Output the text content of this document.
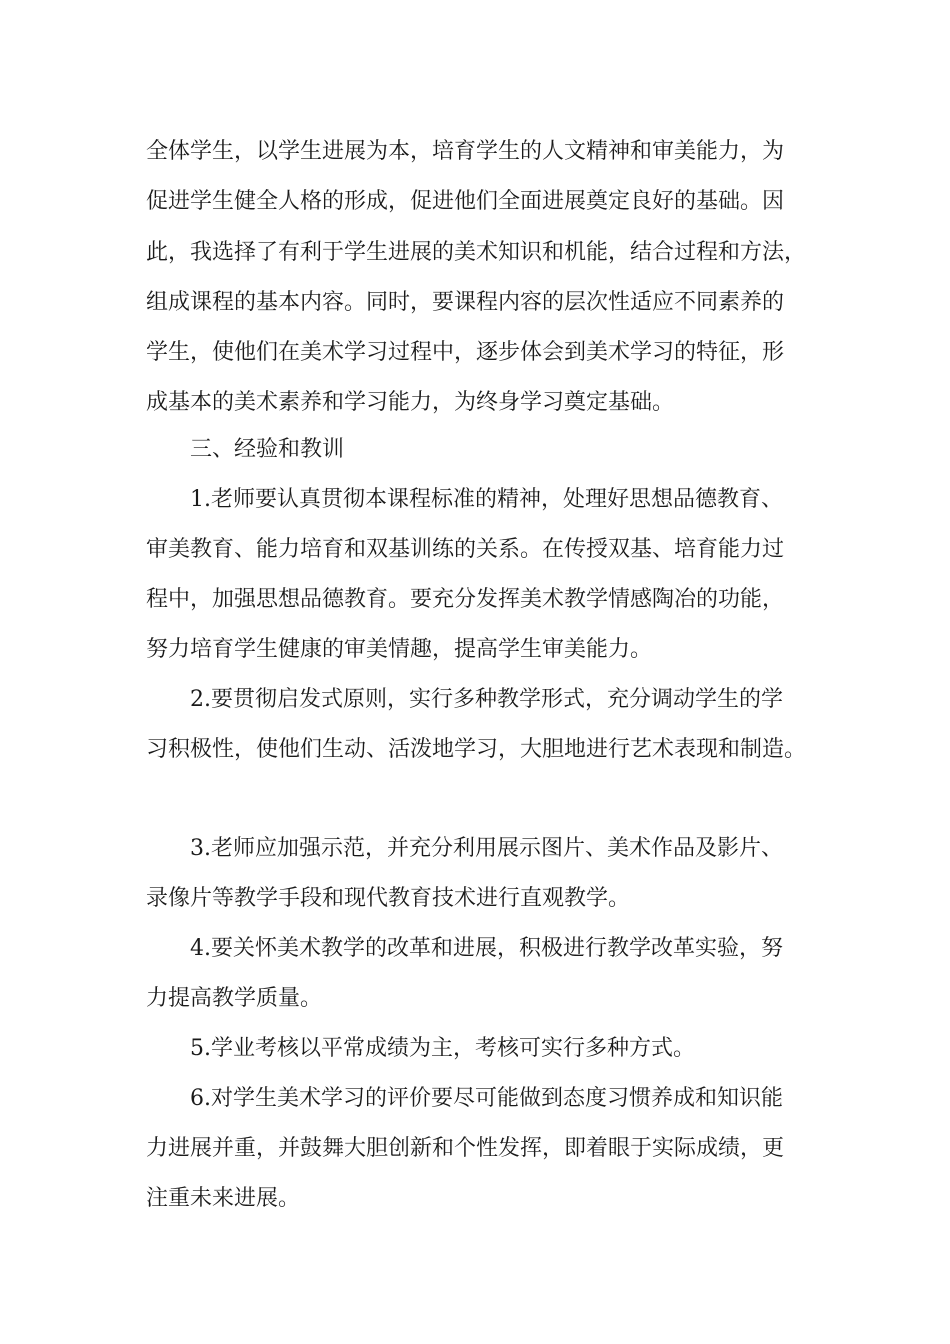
全体学生，以学生进展为本，培育学生的人文精神和审美能力，为

促进学生健全人格的形成，促进他们全面进展奠定良好的基础。因

此，我选择了有利于学生进展的美术知识和机能，结合过程和方法，

组成课程的基本内容。同时，要课程内容的层次性适应不同素养的

学生，使他们在美术学习过程中，逐步体会到美术学习的特征，形

成基本的美术素养和学习能力，为终身学习奠定基础。

三、经验和教训

1.老师要认真贯彻本课程标准的精神，处理好思想品德教育、

审美教育、能力培育和双基训练的关系。在传授双基、培育能力过

程中，加强思想品德教育。要充分发挥美术教学情感陶冶的功能，

努力培育学生健康的审美情趣，提高学生审美能力。

2.要贯彻启发式原则，实行多种教学形式，充分调动学生的学

习积极性，使他们生动、活泼地学习，大胆地进行艺术表现和制造。

3.老师应加强示范，并充分利用展示图片、美术作品及影片、

录像片等教学手段和现代教育技术进行直观教学。

4.要关怀美术教学的改革和进展，积极进行教学改革实验，努

力提高教学质量。

5.学业考核以平常成绩为主，考核可实行多种方式。

6.对学生美术学习的评价要尽可能做到态度习惯养成和知识能

力进展并重，并鼓舞大胆创新和个性发挥，即着眼于实际成绩，更

注重未来进展。
